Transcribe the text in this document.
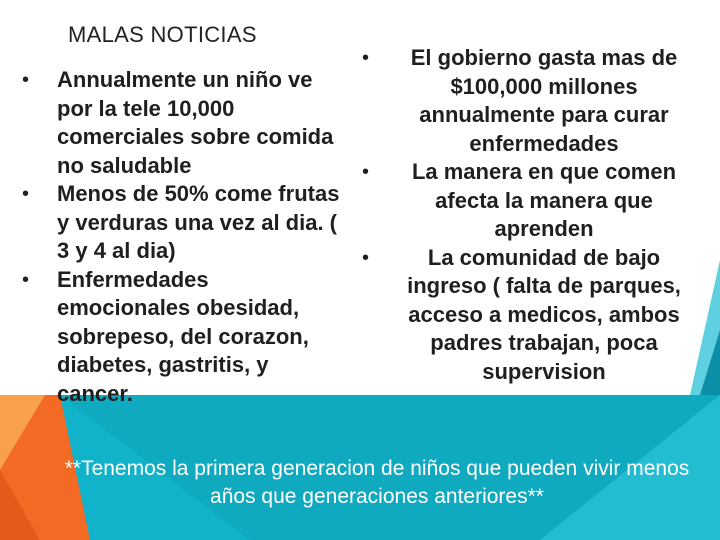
MALAS NOTICIAS
• Annualmente un niño ve por la tele 10,000 comerciales sobre comida no saludable
• Menos de 50% come frutas y verduras una vez al dia. ( 3 y 4 al dia)
• Enfermedades emocionales obesidad, sobrepeso, del corazon, diabetes, gastritis, y cancer.
• El gobierno gasta mas de $100,000 millones annualmente para curar enfermedades
• La manera en que comen afecta la manera que aprenden
•	La comunidad de bajo ingreso ( falta de parques, acceso a medicos, ambos padres trabajan, poca supervision
**Tenemos la primera generacion de niños que pueden vivir menos años que generaciones anteriores**
